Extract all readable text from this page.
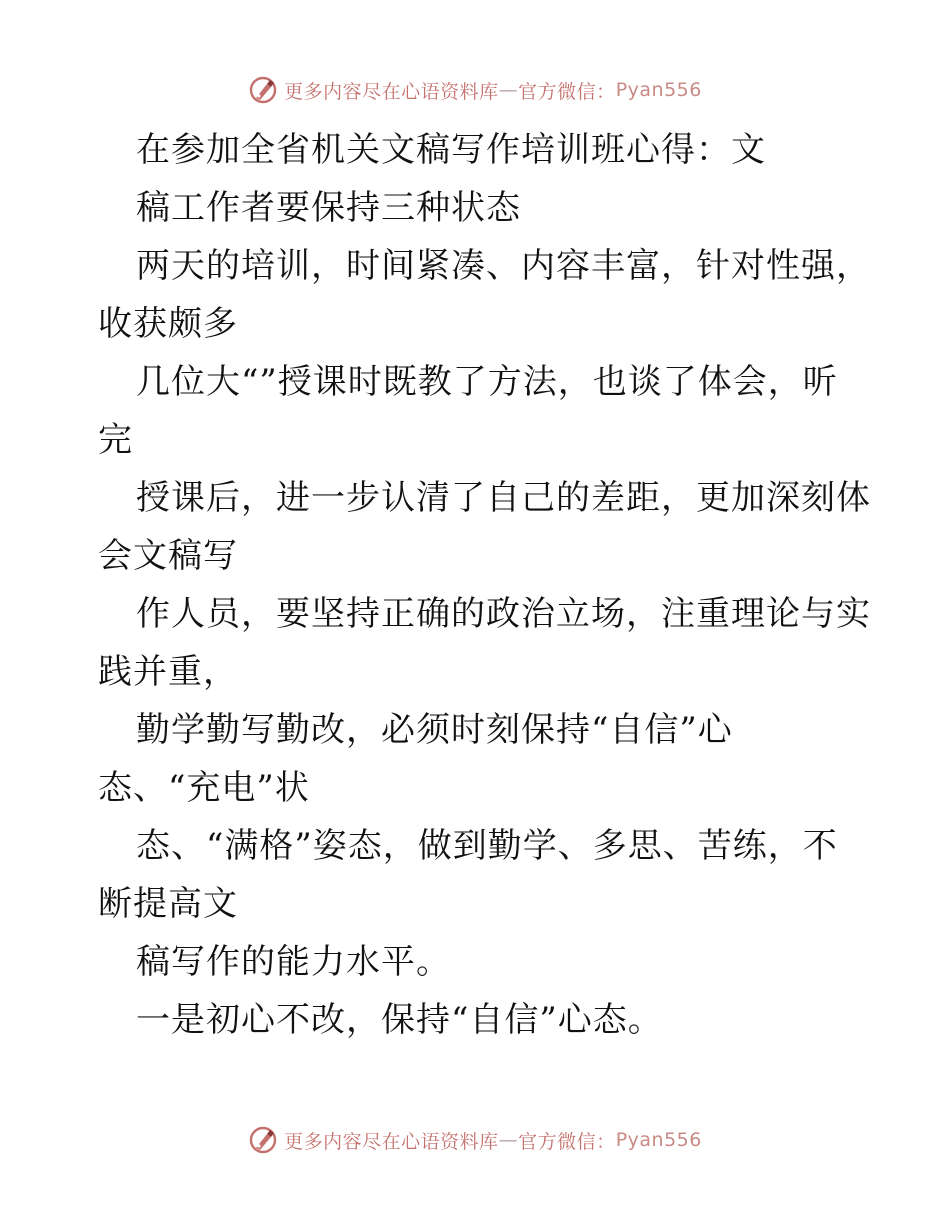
更多内容尽在心语资料库 — 官方微信： Pyan556
在参加全省机关文稿写作培训班心得：文
稿工作者要保持三种状态
两天的培训，时间紧凑、内容丰富，针对性强，
收获颇多
几位大“”授课时既教了方法，也谈了体会，听
完
授课后，进一步认清了自己的差距，更加深刻体
会文稿写
作人员，要坚持正确的政治立场，注重理论与实
践并重，
勤学勤写勤改，必须时刻保持“自信”心
态、“充电”状
态、“满格”姿态，做到勤学、多思、苦练，不
断提高文
稿写作的能力水平。
一是初心不改，保持“自信”心态。
更多内容尽在心语资料库 — 官方微信： Pyan556
